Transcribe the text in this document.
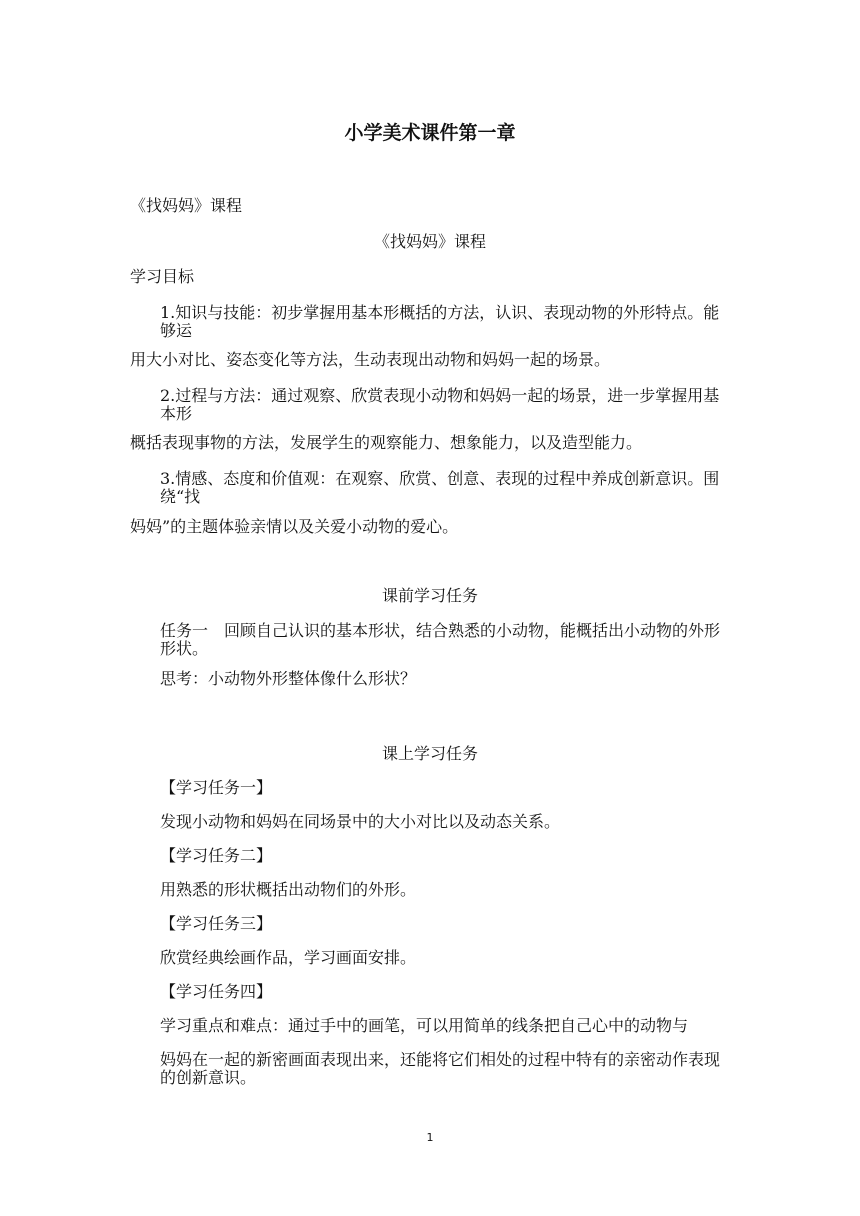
小学美术课件第一章
《找妈妈》课程
《找妈妈》课程
学习目标
1.知识与技能：初步掌握用基本形概括的方法，认识、表现动物的外形特点。能够运
用大小对比、姿态变化等方法，生动表现出动物和妈妈一起的场景。
2.过程与方法：通过观察、欣赏表现小动物和妈妈一起的场景，进一步掌握用基本形
概括表现事物的方法，发展学生的观察能力、想象能力，以及造型能力。
3.情感、态度和价值观：在观察、欣赏、创意、表现的过程中养成创新意识。围绕“找
妈妈”的主题体验亲情以及关爱小动物的爱心。
课前学习任务
任务一　回顾自己认识的基本形状，结合熟悉的小动物，能概括出小动物的外形形状。
思考：小动物外形整体像什么形状？
课上学习任务
【学习任务一】
发现小动物和妈妈在同场景中的大小对比以及动态关系。
【学习任务二】
用熟悉的形状概括出动物们的外形。
【学习任务三】
欣赏经典绘画作品，学习画面安排。
【学习任务四】
学习重点和难点：通过手中的画笔，可以用简单的线条把自己心中的动物与
妈妈在一起的新密画面表现出来，还能将它们相处的过程中特有的亲密动作表现的创新意识。
1
